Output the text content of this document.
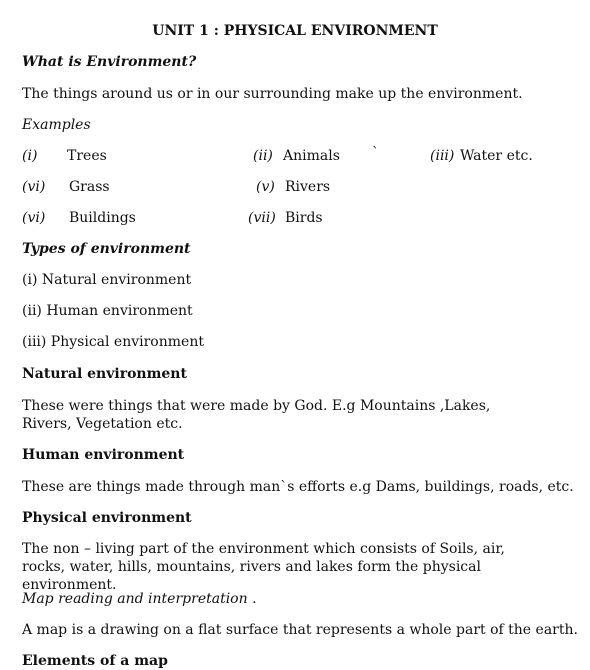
UNIT 1 : PHYSICAL ENVIRONMENT
What is Environment?
The things around us or in our surrounding make up the environment.
Examples
(i) Trees	(ii) Animals `	(iii) Water etc.
(vi) Grass	(v) Rivers
(vi) Buildings	(vii) Birds
Types of environment
(i) Natural environment
(ii) Human environment
(iii) Physical environment
Natural environment
These were things that were made by God. E.g Mountains ,Lakes, Rivers, Vegetation etc.
Human environment
These are things made through man`s efforts e.g Dams, buildings, roads, etc.
Physical environment
The non – living part of the environment which consists of Soils, air, rocks, water, hills, mountains, rivers and lakes form the physical environment.
Map reading and interpretation .
A map is a drawing on a flat surface that represents a whole part of the earth.
Elements of a map
